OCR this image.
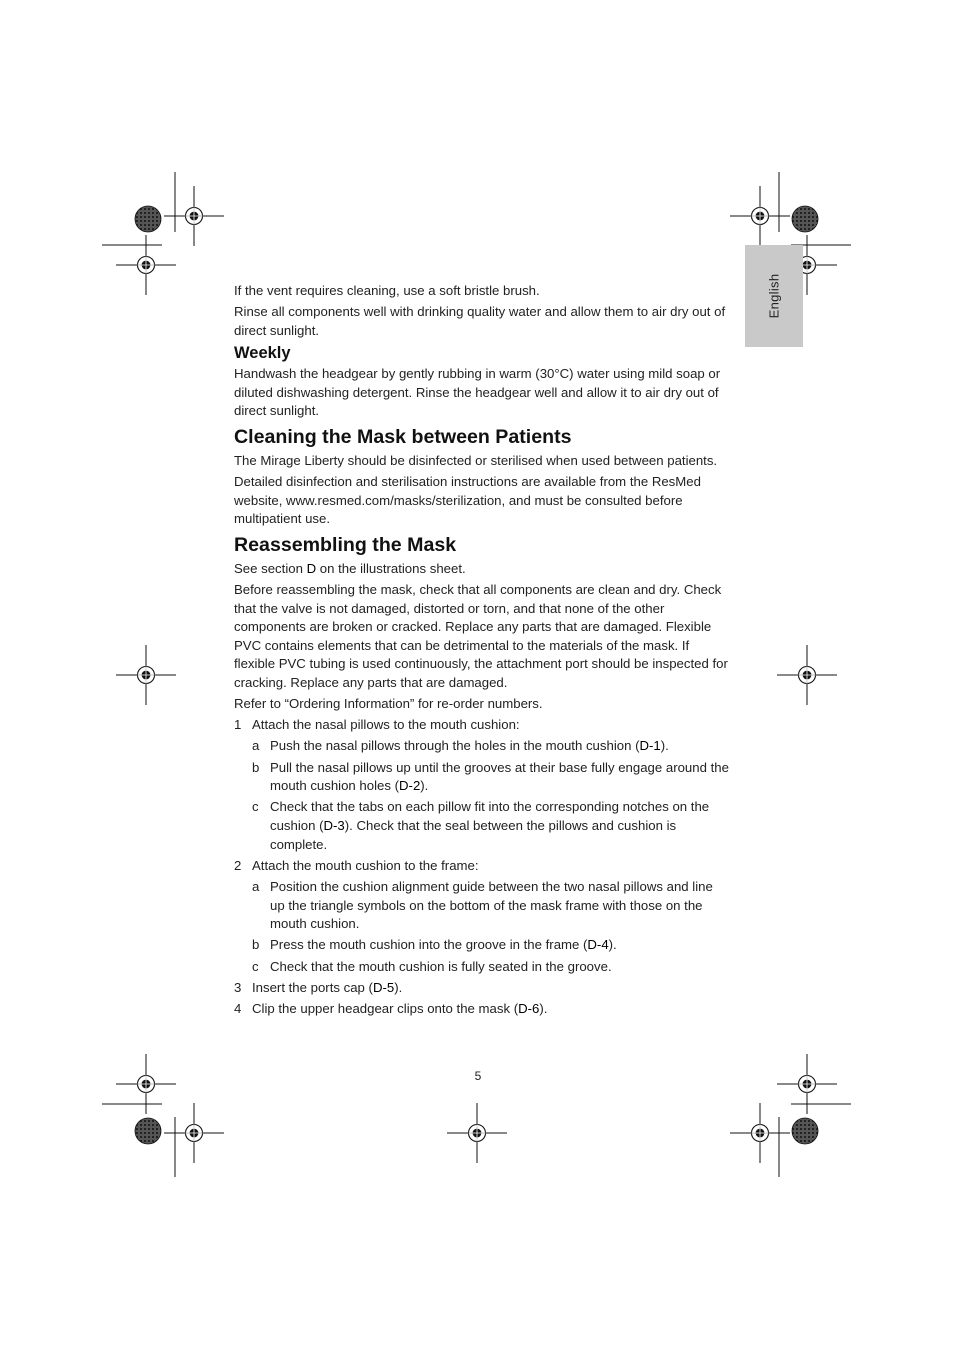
English

If the vent requires cleaning, use a soft bristle brush.

Rinse all components well with drinking quality water and allow them to air dry out of direct sunlight.

Weekly

Handwash the headgear by gently rubbing in warm (30°C) water using mild soap or diluted dishwashing detergent. Rinse the headgear well and allow it to air dry out of direct sunlight.

Cleaning the Mask between Patients

The Mirage Liberty should be disinfected or sterilised when used between patients.

Detailed disinfection and sterilisation instructions are available from the ResMed website, www.resmed.com/masks/sterilization, and must be consulted before multipatient use.

Reassembling the Mask

See section D on the illustrations sheet.

Before reassembling the mask, check that all components are clean and dry. Check that the valve is not damaged, distorted or torn, and that none of the other components are broken or cracked. Replace any parts that are damaged. Flexible PVC contains elements that can be detrimental to the materials of the mask. If flexible PVC tubing is used continuously, the attachment port should be inspected for cracking. Replace any parts that are damaged.

Refer to “Ordering Information” for re-order numbers.

1 Attach the nasal pillows to the mouth cushion:
a Push the nasal pillows through the holes in the mouth cushion (D-1).
b Pull the nasal pillows up until the grooves at their base fully engage around the mouth cushion holes (D-2).
c Check that the tabs on each pillow fit into the corresponding notches on the cushion (D-3). Check that the seal between the pillows and cushion is complete.
2 Attach the mouth cushion to the frame:
a Position the cushion alignment guide between the two nasal pillows and line up the triangle symbols on the bottom of the mask frame with those on the mouth cushion.
b Press the mouth cushion into the groove in the frame (D-4).
c Check that the mouth cushion is fully seated in the groove.
3 Insert the ports cap (D-5).
4 Clip the upper headgear clips onto the mask (D-6).
5
